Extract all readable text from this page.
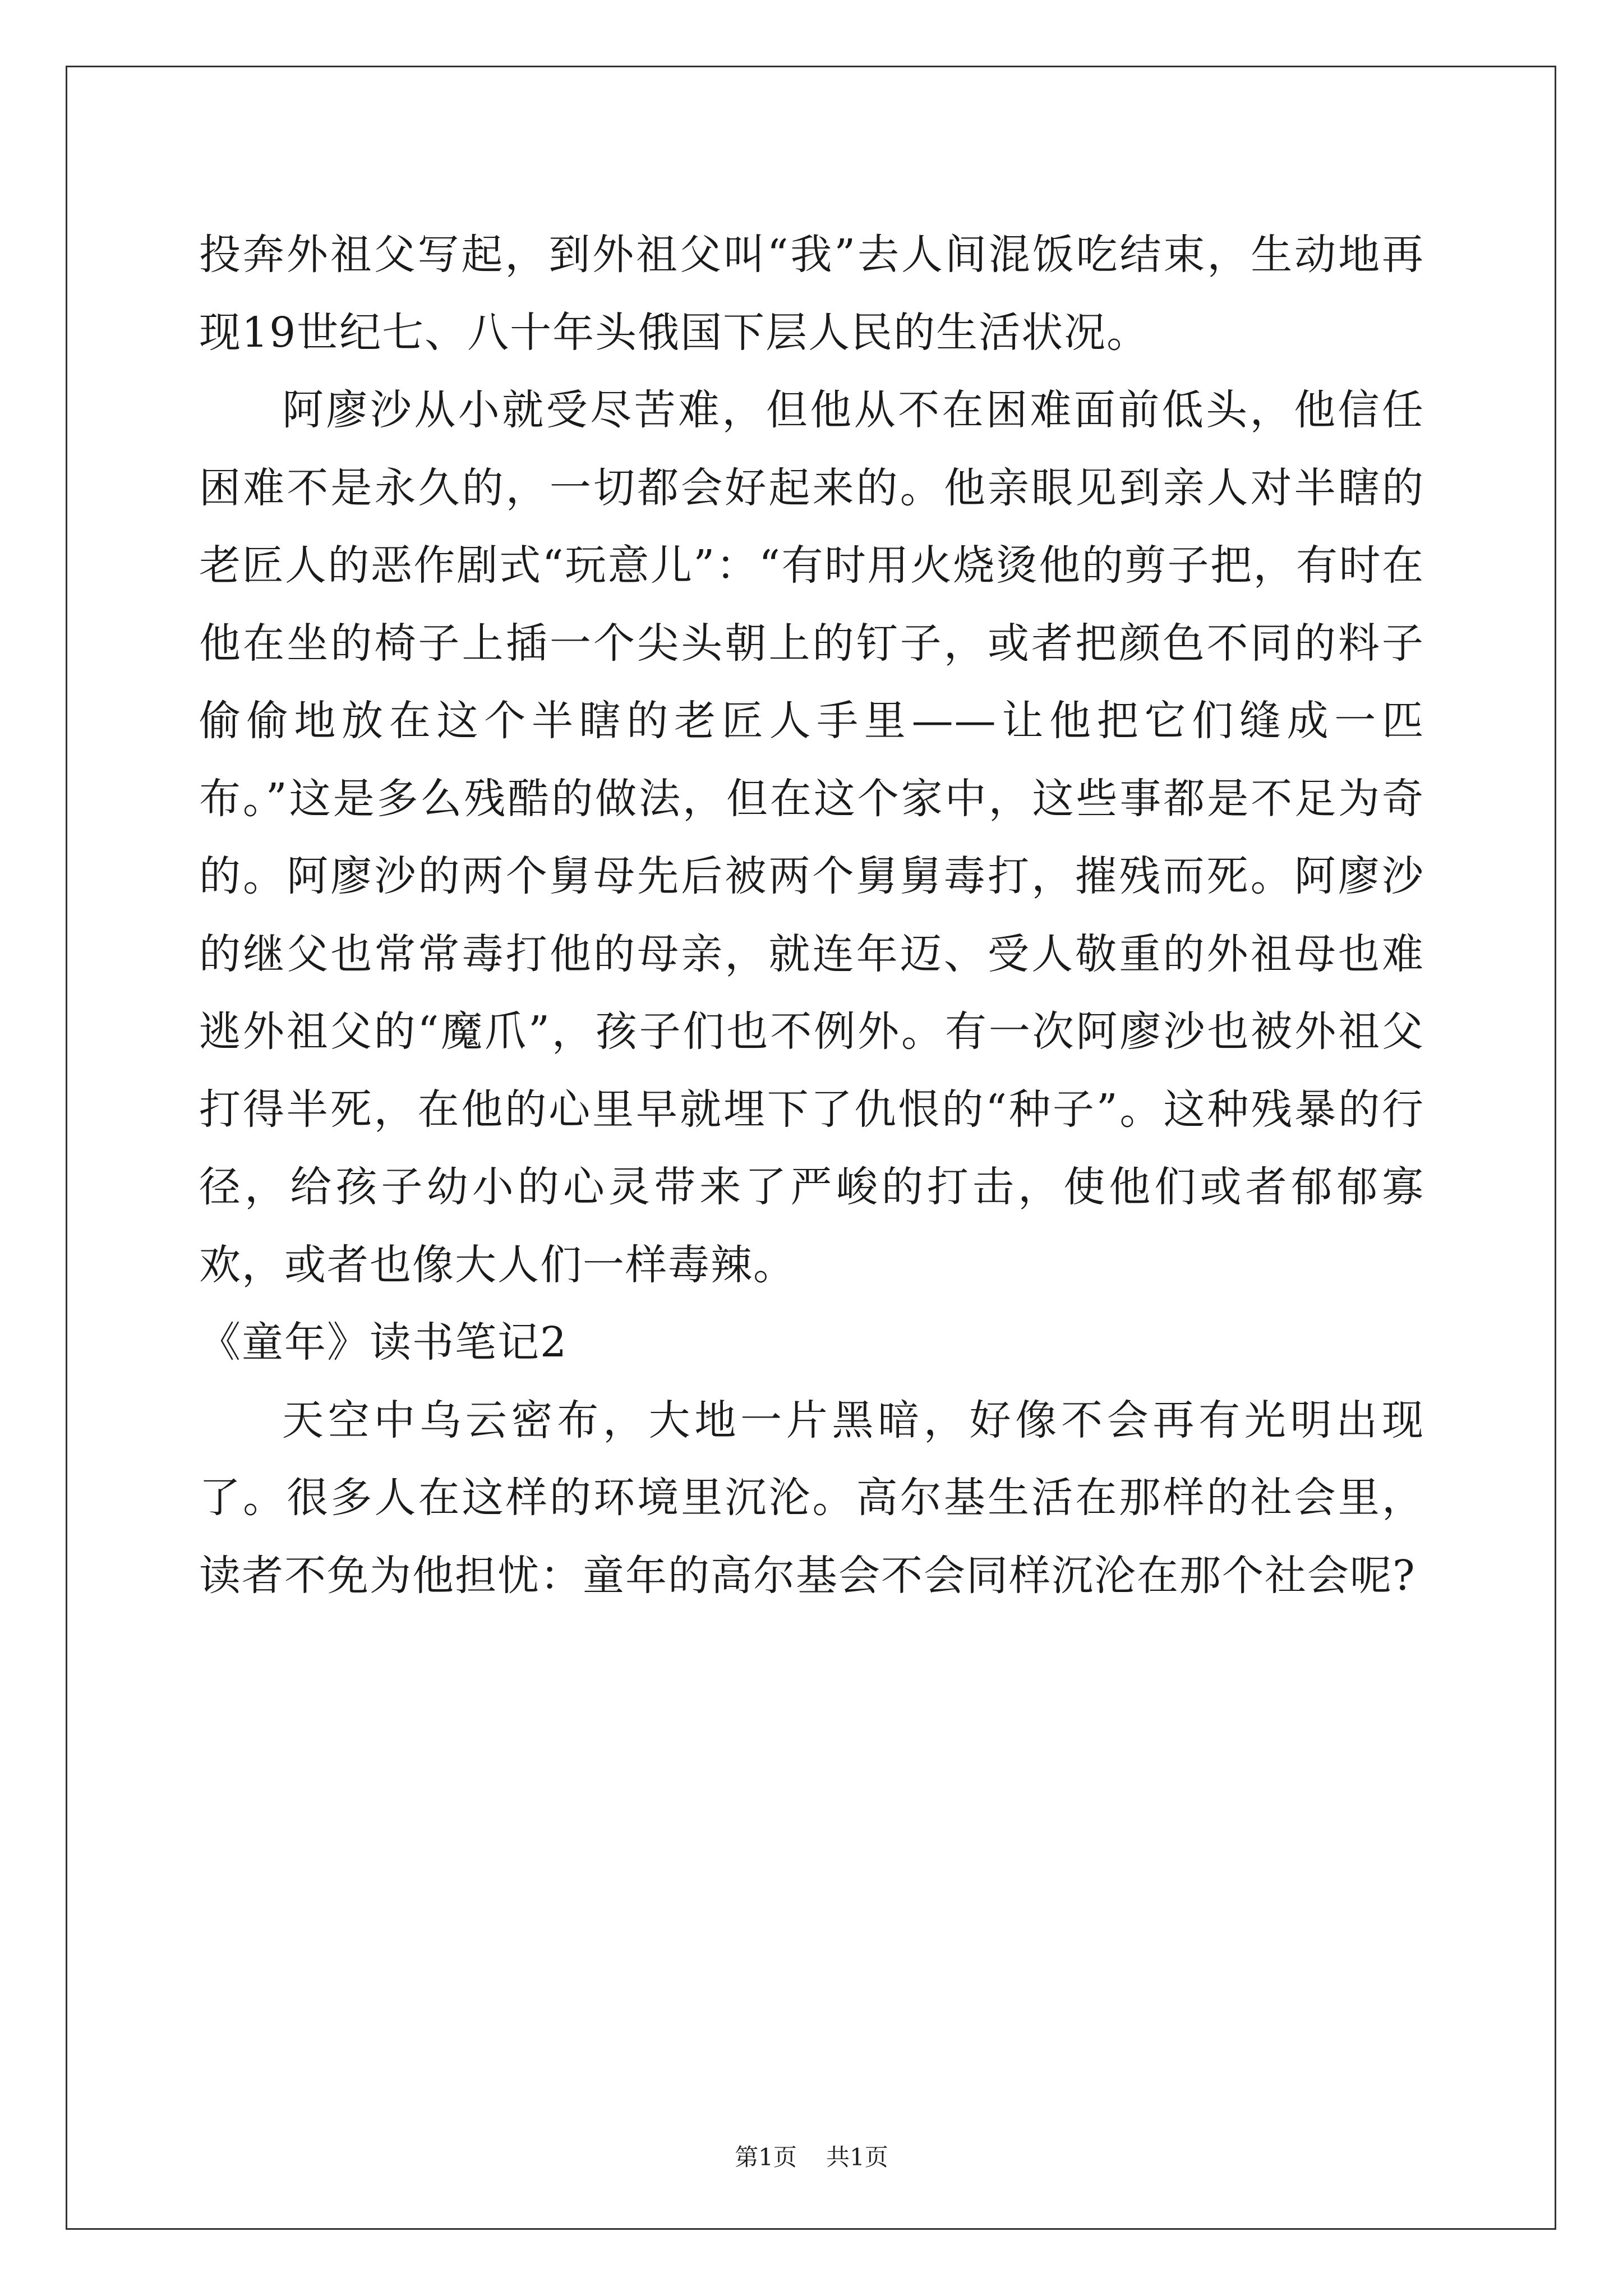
投奔外祖父写起，到外祖父叫“我”去人间混饭吃结束，生动地再现19世纪七、八十年头俄国下层人民的生活状况。

阿廖沙从小就受尽苦难，但他从不在困难面前低头，他信任困难不是永久的，一切都会好起来的。他亲眼见到亲人对半瞎的老匠人的恶作剧式“玩意儿”：“有时用火烧烫他的剪子把，有时在他在坐的椅子上插一个尖头朝上的钉子，或者把颜色不同的料子偷偷地放在这个半瞎的老匠人手里——让他把它们缝成一匹布。”这是多么残酷的做法，但在这个家中，这些事都是不足为奇的。阿廖沙的两个舅母先后被两个舅舅毒打，摧残而死。阿廖沙的继父也常常毒打他的母亲，就连年迈、受人敬重的外祖母也难逃外祖父的“魔爪”，孩子们也不例外。有一次阿廖沙也被外祖父打得半死，在他的心里早就埋下了仇恨的“种子”。这种残暴的行径，给孩子幼小的心灵带来了严峻的打击，使他们或者郁郁寡欢，或者也像大人们一样毒辣。

《童年》读书笔记2

天空中乌云密布，大地一片黑暗，好像不会再有光明出现了。很多人在这样的环境里沉沦。高尔基生活在那样的社会里，读者不免为他担忧：童年的高尔基会不会同样沉沦在那个社会呢?

第1页 共1页
